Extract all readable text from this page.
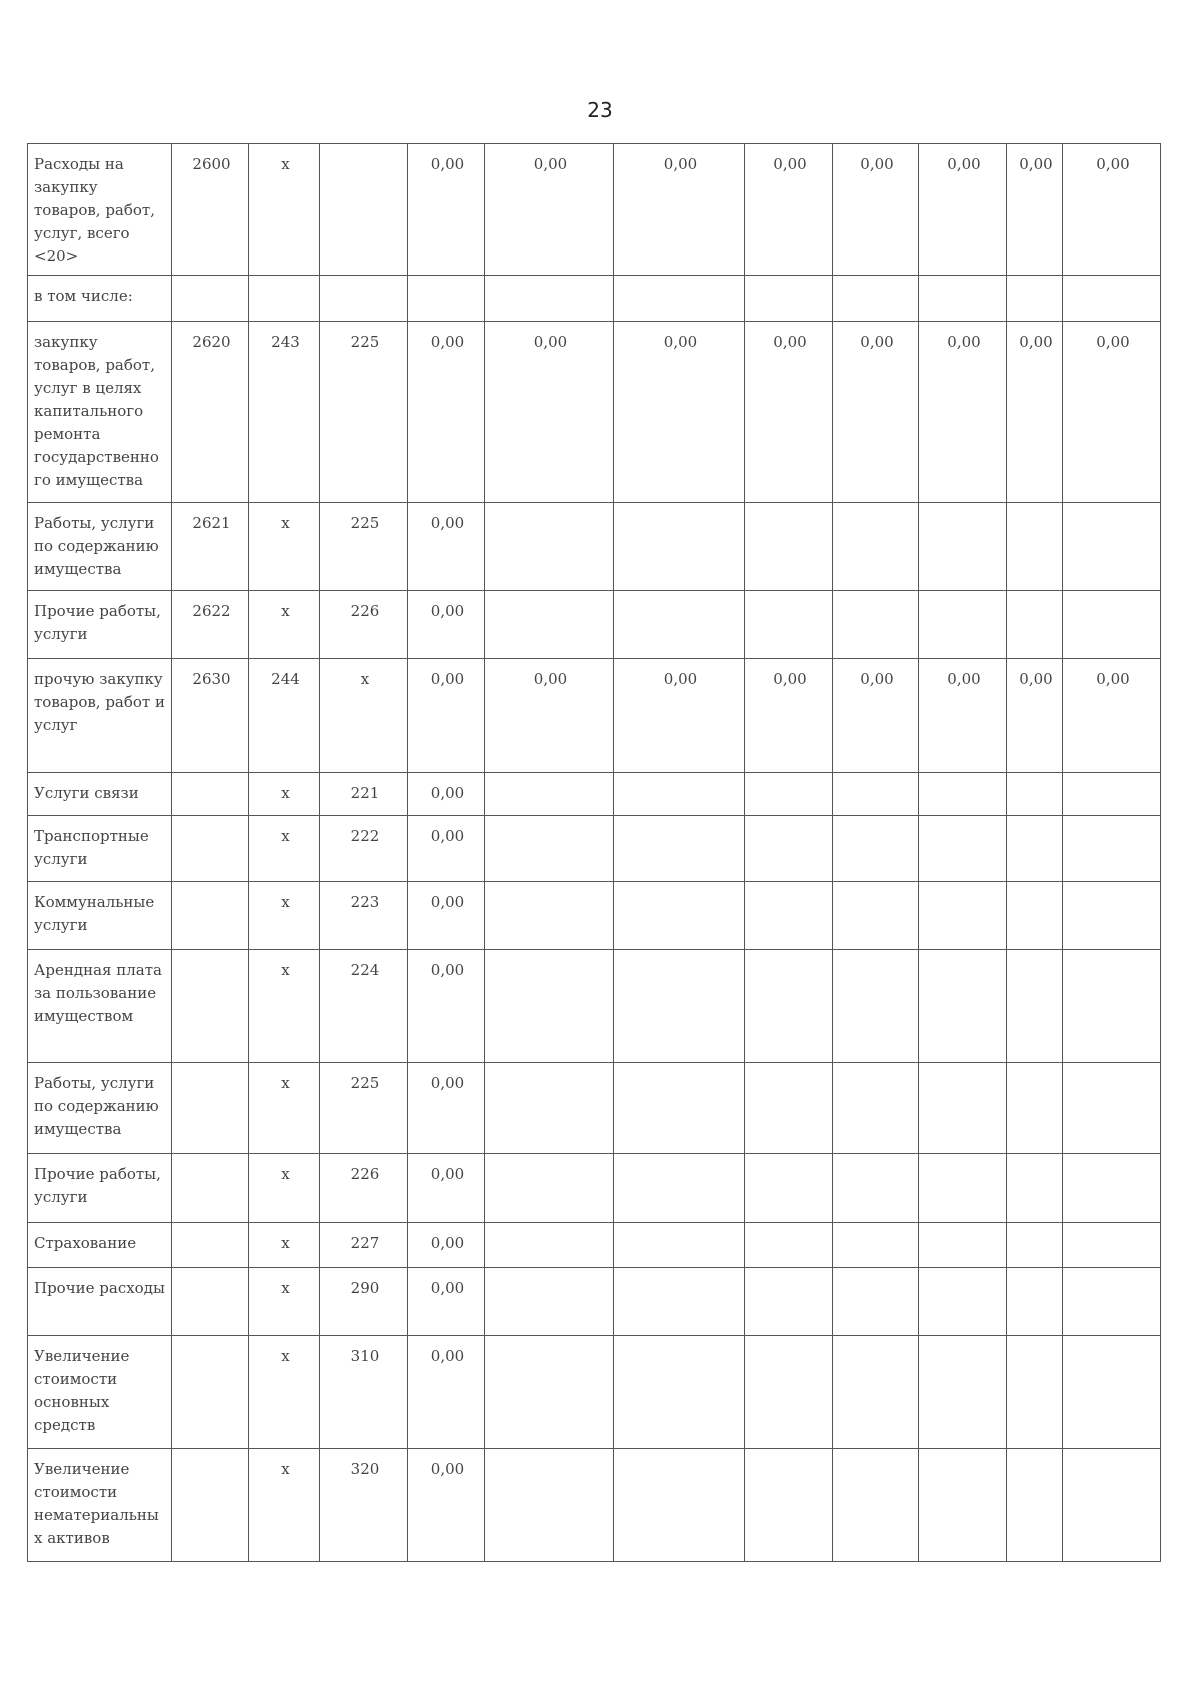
23
Расходы на закупку товаров, работ, услуг, всего <20>	2600	x		0,00	0,00	0,00	0,00	0,00	0,00	0,00	0,00
в том числе:											
закупку товаров, работ, услуг в целях капитального ремонта государственно го имущества	2620	243	225	0,00	0,00	0,00	0,00	0,00	0,00	0,00	0,00
Работы, услуги по содержанию имущества	2621	x	225	0,00							
Прочие работы, услуги	2622	x	226	0,00							
прочую закупку товаров, работ и услуг	2630	244	x	0,00	0,00	0,00	0,00	0,00	0,00	0,00	0,00
Услуги связи		x	221	0,00							
Транспортные услуги		x	222	0,00							
Коммунальные услуги		x	223	0,00							
Арендная плата за пользование имуществом		x	224	0,00							
Работы, услуги по содержанию имущества		x	225	0,00							
Прочие работы, услуги		x	226	0,00							
Страхование		x	227	0,00							
Прочие расходы		x	290	0,00							
Увеличение стоимости основных средств		x	310	0,00							
Увеличение стоимости нематериальны х активов		x	320	0,00							
